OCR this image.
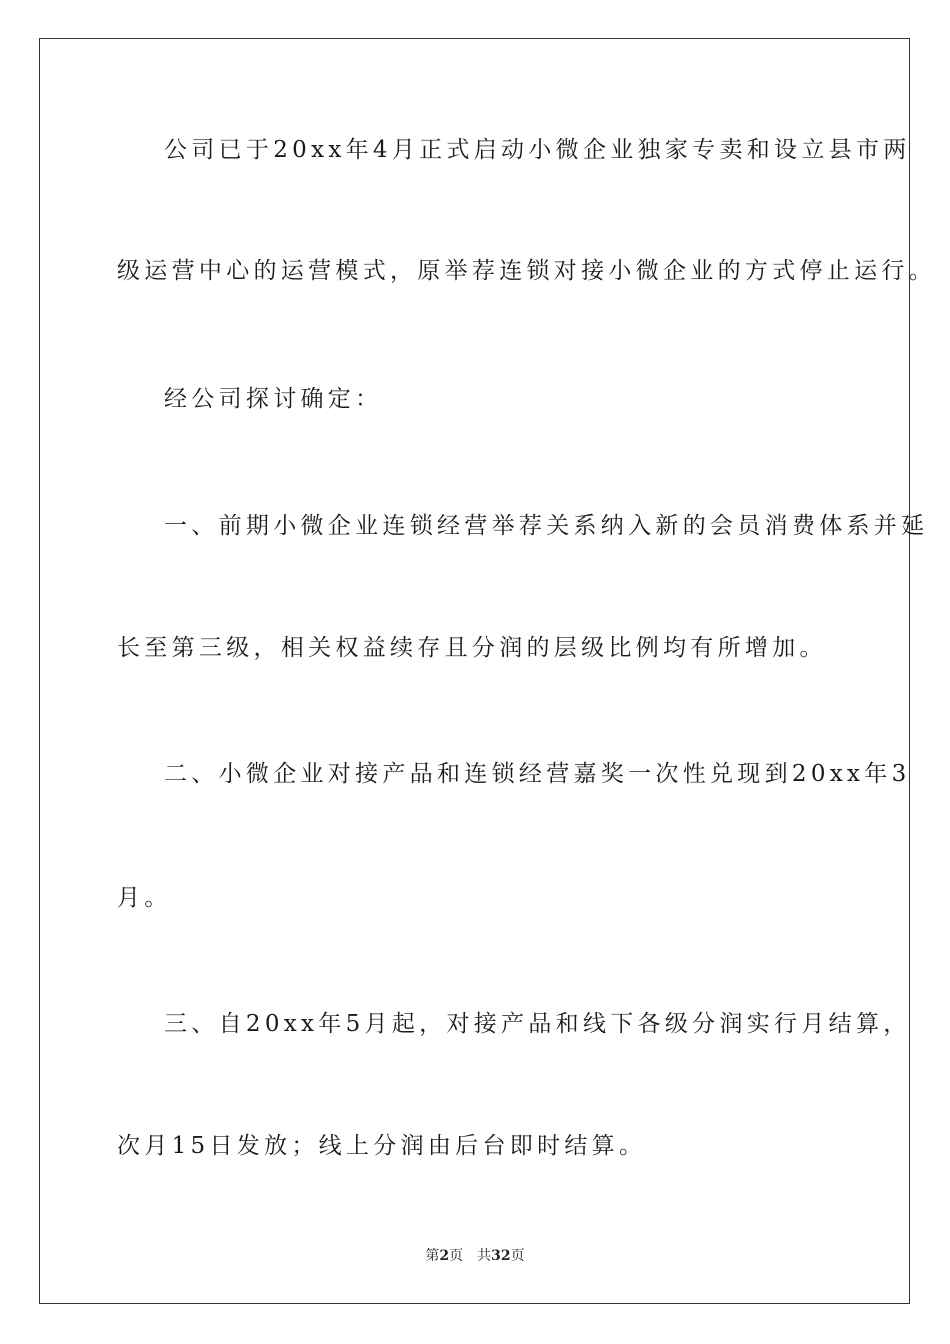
公司已于20xx年4月正式启动小微企业独家专卖和设立县市两
级运营中心的运营模式，原举荐连锁对接小微企业的方式停止运行。
经公司探讨确定：
一、前期小微企业连锁经营举荐关系纳入新的会员消费体系并延
长至第三级，相关权益续存且分润的层级比例均有所增加。
二、小微企业对接产品和连锁经营嘉奖一次性兑现到20xx年3
月。
三、自20xx年5月起，对接产品和线下各级分润实行月结算，
次月15日发放；线上分润由后台即时结算。
第2页 共32页
